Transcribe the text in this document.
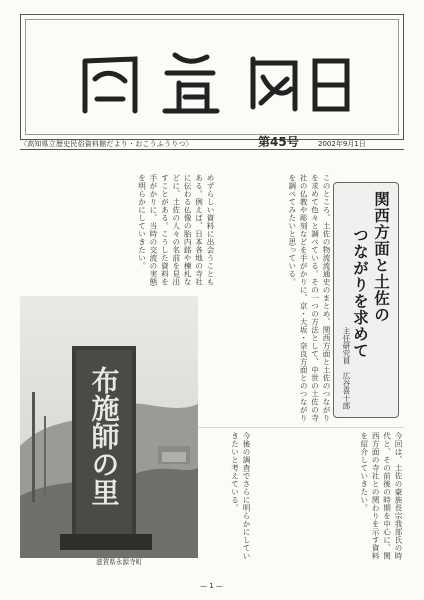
〈高知県立歴史民俗資料館だより・おこうふうりつ〉	第45号	2002年9月1日
関西方面と土佐の
つながりを求めて
主任研究員　広谷喜十郎
このところ、土佐の物流流通史のまとめ、関西方面と土佐のつながりを求めて色々と調べている。その一つの方法として、中世の土佐の寺社の仏教や彫刻などを手がかりに、京・大坂・奈良方面とのつながりを調べてみたいと思っている。
めずらしい資料に出会うこともある。例えば、日本各地の寺社に伝わる仏像の胎内銘や棟札などに、土佐の人々の名前を見出すことがある。こうした資料を手がかりに、当時の交流の実態を明らかにしていきたい。
今回は、土佐の豪族長宗我部氏の時代と、その前後の時期を中心に、関西方面の寺社との関わりを示す資料を紹介していきたい。
今後の調査でさらに明らかにしていきたいと考えている。
布施師の里
滋賀県永源寺町
— 1 —
